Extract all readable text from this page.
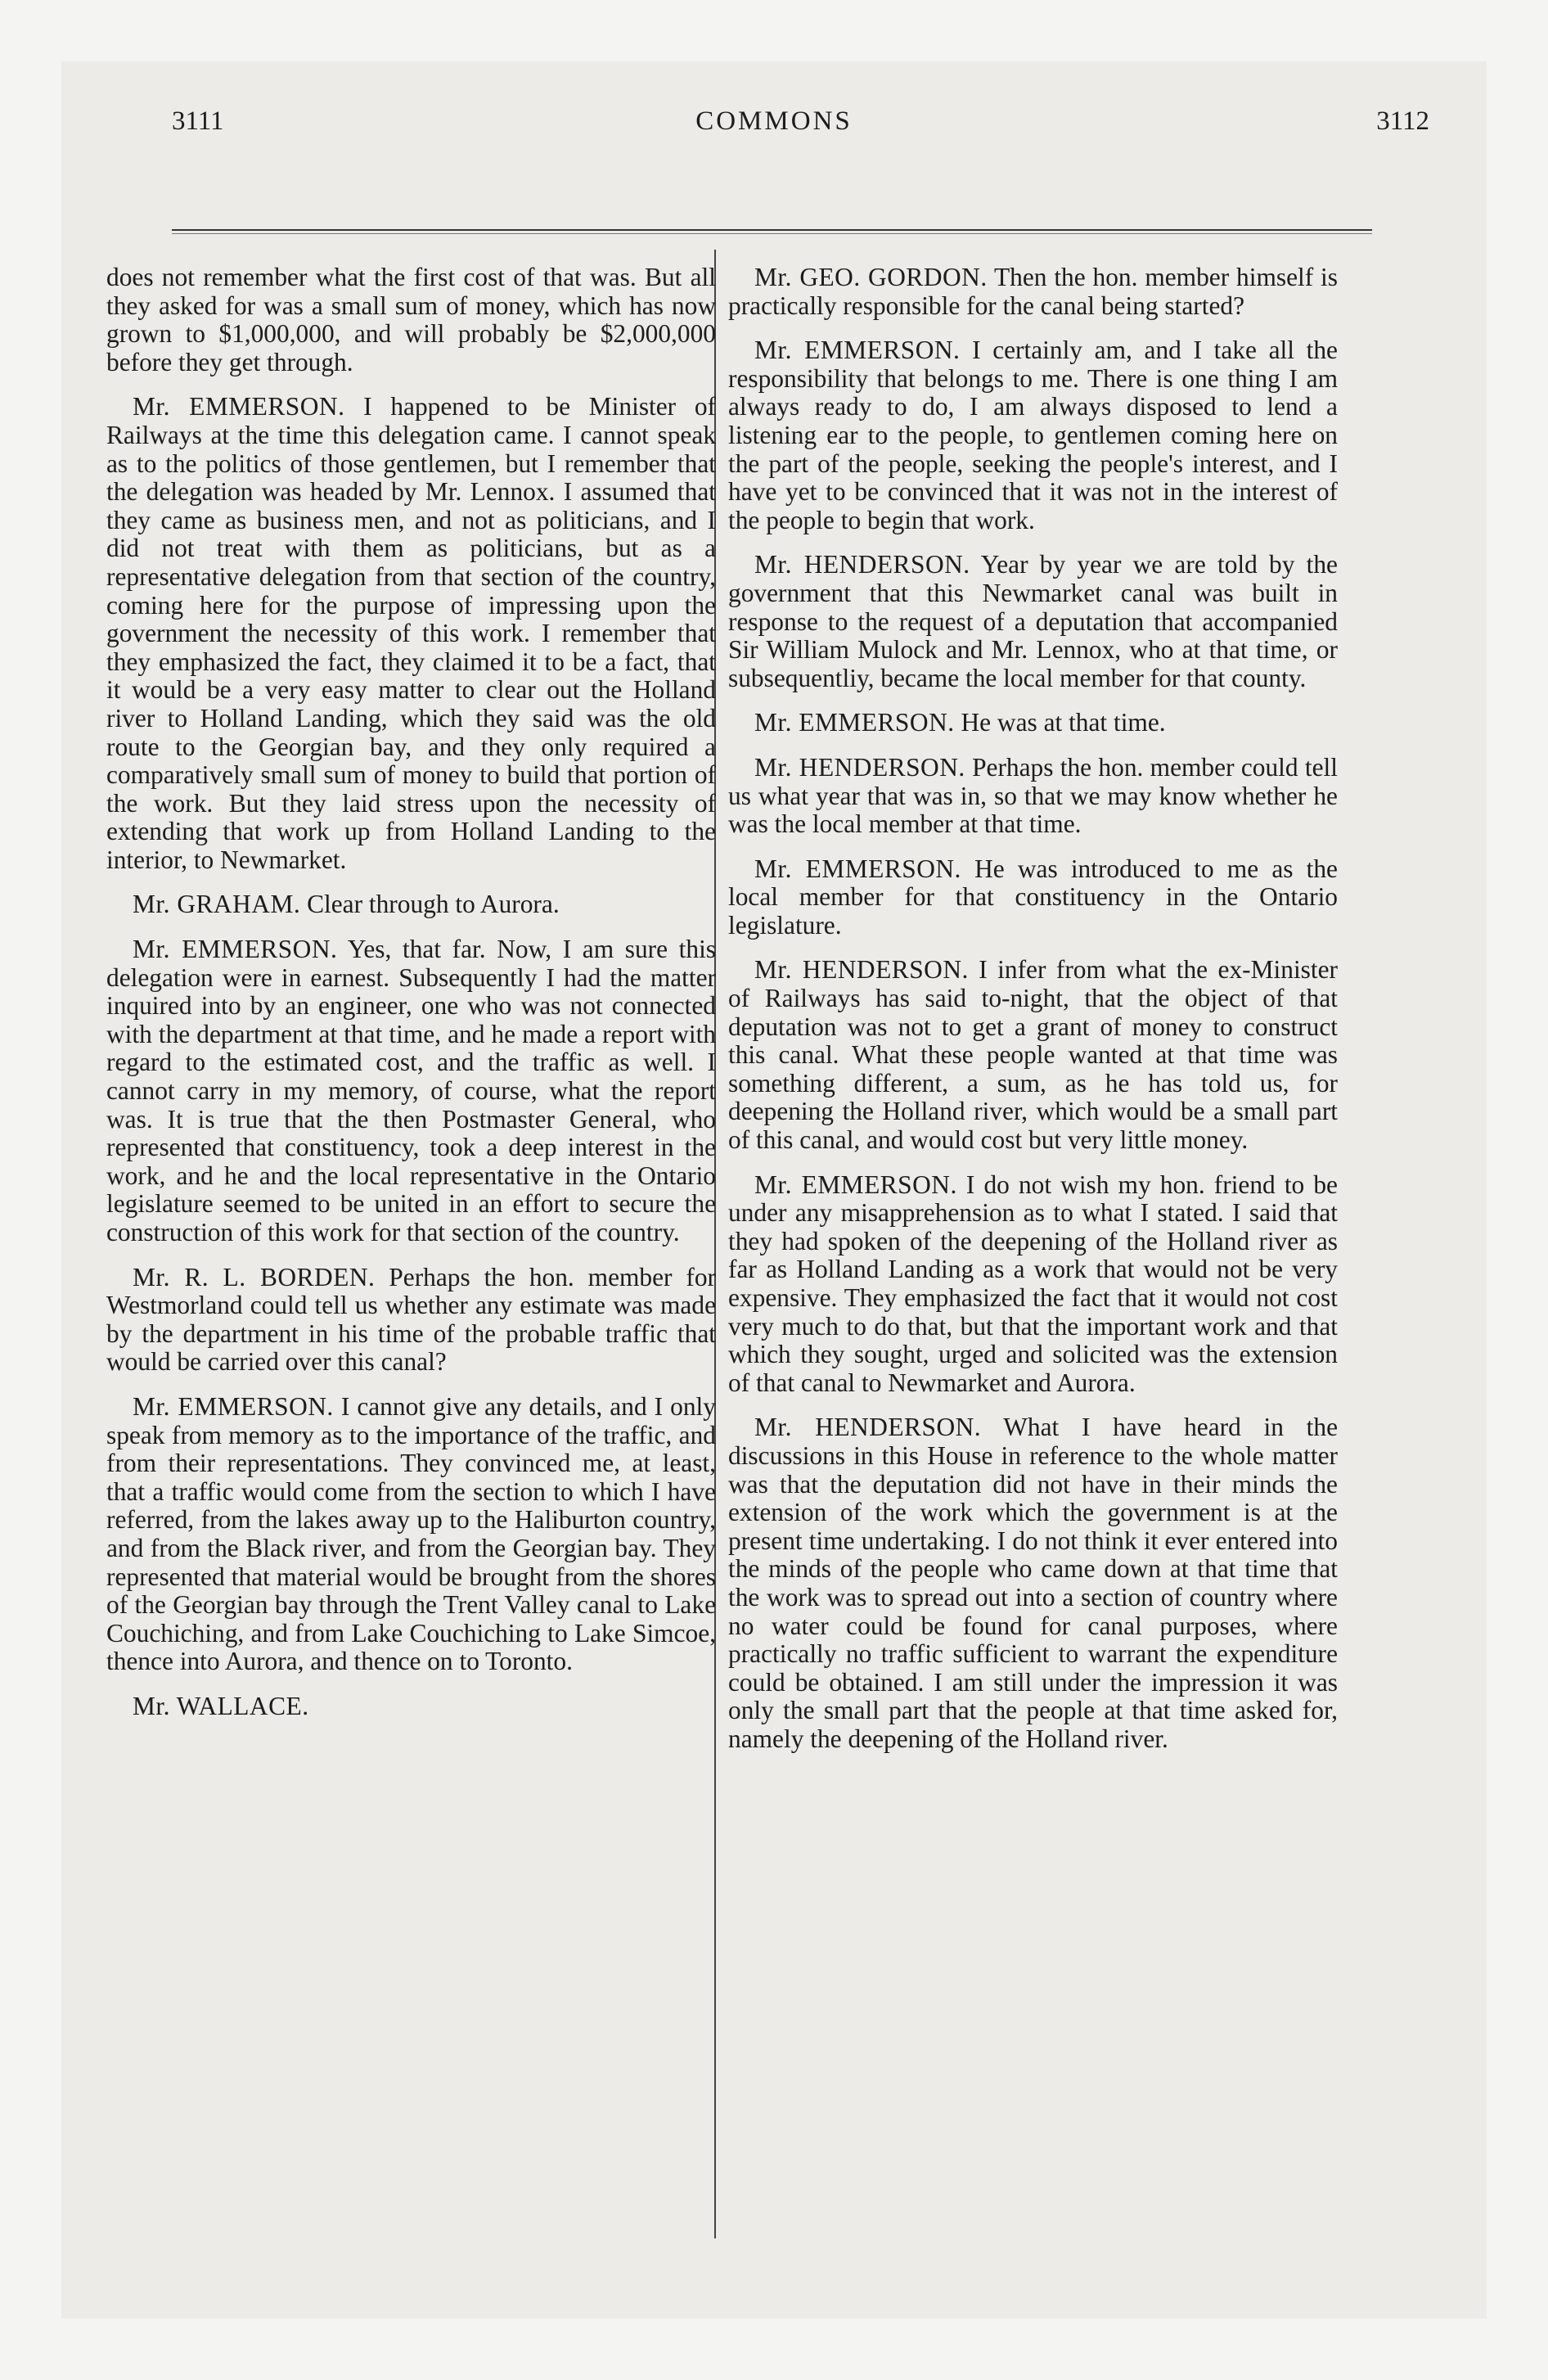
3111	COMMONS	3112

does not remember what the first cost of that was. But all they asked for was a small sum of money, which has now grown to $1,000,000, and will probably be $2,000,000 before they get through.

Mr. EMMERSON. I happened to be Minister of Railways at the time this delegation came. I cannot speak as to the politics of those gentlemen, but I remember that the delegation was headed by Mr. Lennox. I assumed that they came as business men, and not as politicians, and I did not treat with them as politicians, but as a representative delegation from that section of the country, coming here for the purpose of impressing upon the government the necessity of this work. I remember that they emphasized the fact, they claimed it to be a fact, that it would be a very easy matter to clear out the Holland river to Holland Landing, which they said was the old route to the Georgian bay, and they only required a comparatively small sum of money to build that portion of the work. But they laid stress upon the necessity of extending that work up from Holland Landing to the interior, to Newmarket.

Mr. GRAHAM. Clear through to Aurora.

Mr. EMMERSON. Yes, that far. Now, I am sure this delegation were in earnest. Subsequently I had the matter inquired into by an engineer, one who was not connected with the department at that time, and he made a report with regard to the estimated cost, and the traffic as well. I cannot carry in my memory, of course, what the report was. It is true that the then Postmaster General, who represented that constituency, took a deep interest in the work, and he and the local representative in the Ontario legislature seemed to be united in an effort to secure the construction of this work for that section of the country.

Mr. R. L. BORDEN. Perhaps the hon. member for Westmorland could tell us whether any estimate was made by the department in his time of the probable traffic that would be carried over this canal?

Mr. EMMERSON. I cannot give any details, and I only speak from memory as to the importance of the traffic, and from their representations. They convinced me, at least, that a traffic would come from the section to which I have referred, from the lakes away up to the Haliburton country, and from the Black river, and from the Georgian bay. They represented that material would be brought from the shores of the Georgian bay through the Trent Valley canal to Lake Couchiching, and from Lake Couchiching to Lake Simcoe, thence into Aurora, and thence on to Toronto.

Mr. WALLACE.

Mr. GEO. GORDON. Then the hon. member himself is practically responsible for the canal being started?

Mr. EMMERSON. I certainly am, and I take all the responsibility that belongs to me. There is one thing I am always ready to do, I am always disposed to lend a listening ear to the people, to gentlemen coming here on the part of the people, seeking the people's interest, and I have yet to be convinced that it was not in the interest of the people to begin that work.

Mr. HENDERSON. Year by year we are told by the government that this Newmarket canal was built in response to the request of a deputation that accompanied Sir William Mulock and Mr. Lennox, who at that time, or subsequentliy, became the local member for that county.

Mr. EMMERSON. He was at that time.

Mr. HENDERSON. Perhaps the hon. member could tell us what year that was in, so that we may know whether he was the local member at that time.

Mr. EMMERSON. He was introduced to me as the local member for that constituency in the Ontario legislature.

Mr. HENDERSON. I infer from what the ex-Minister of Railways has said to-night, that the object of that deputation was not to get a grant of money to construct this canal. What these people wanted at that time was something different, a sum, as he has told us, for deepening the Holland river, which would be a small part of this canal, and would cost but very little money.

Mr. EMMERSON. I do not wish my hon. friend to be under any misapprehension as to what I stated. I said that they had spoken of the deepening of the Holland river as far as Holland Landing as a work that would not be very expensive. They emphasized the fact that it would not cost very much to do that, but that the important work and that which they sought, urged and solicited was the extension of that canal to Newmarket and Aurora.

Mr. HENDERSON. What I have heard in the discussions in this House in reference to the whole matter was that the deputation did not have in their minds the extension of the work which the government is at the present time undertaking. I do not think it ever entered into the minds of the people who came down at that time that the work was to spread out into a section of country where no water could be found for canal purposes, where practically no traffic sufficient to warrant the expenditure could be obtained. I am still under the impression it was only the small part that the people at that time asked for, namely the deepening of the Holland river.
